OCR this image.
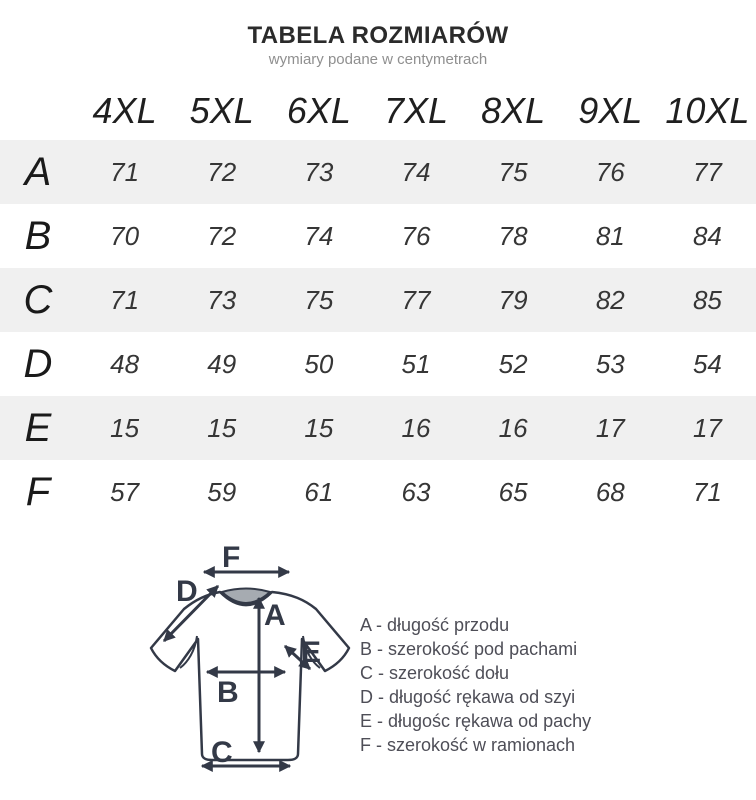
TABELA ROZMIARÓW
wymiary podane w centymetrach
4XL 5XL 6XL 7XL 8XL 9XL 10XL
A	71	72	73	74	75	76	77
B	70	72	74	76	78	81	84
C	71	73	75	77	79	82	85
D	48	49	50	51	52	53	54
E	15	15	15	16	16	17	17
F	57	59	61	63	65	68	71
F
D
A
B
E
C
A - długość przodu
B - szerokość pod pachami
C - szerokość dołu
D - długość rękawa od szyi
E - długośc rękawa od pachy
F - szerokość w ramionach
